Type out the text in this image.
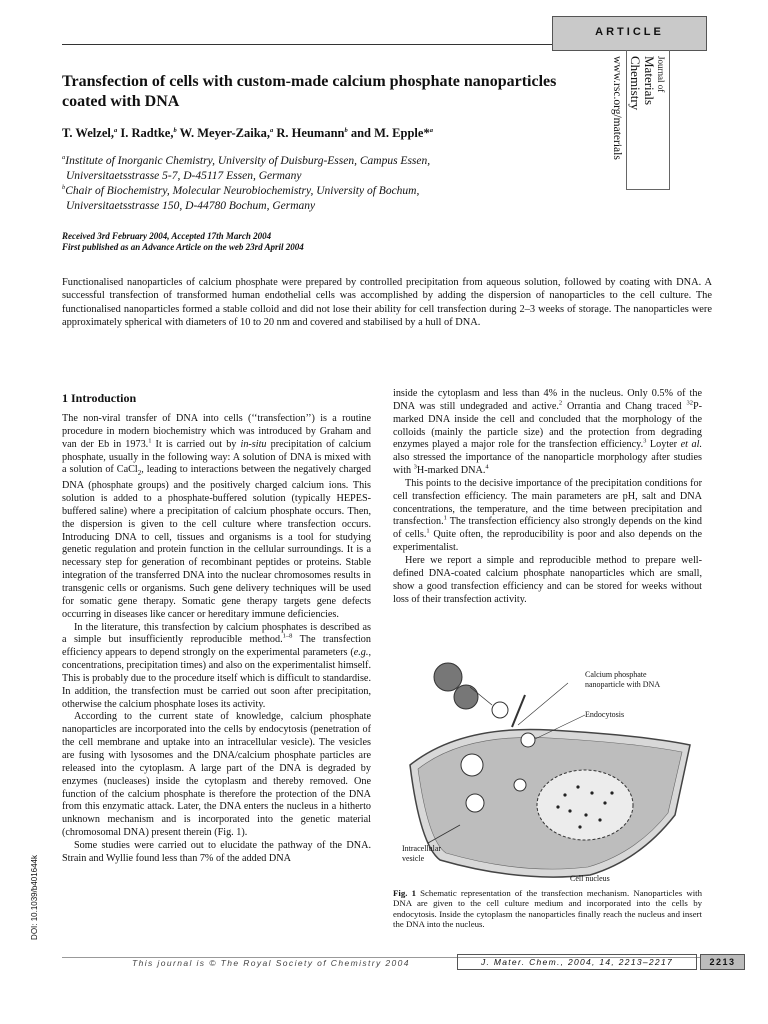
ARTICLE
Journal of
Materials
Chemistry
www.rsc.org/materials
Transfection of cells with custom-made calcium phosphate nanoparticles coated with DNA
T. Welzel,$^a$ I. Radtke,$^b$ W. Meyer-Zaika,$^a$ R. Heumann$^b$ and M. Epple*$^a$
$^a$Institute of Inorganic Chemistry, University of Duisburg-Essen, Campus Essen,
Universitaetsstrasse 5-7, D-45117 Essen, Germany
$^b$Chair of Biochemistry, Molecular Neurobiochemistry, University of Bochum,
Universitaetsstrasse 150, D-44780 Bochum, Germany
Received 3rd February 2004, Accepted 17th March 2004
First published as an Advance Article on the web 23rd April 2004
Functionalised nanoparticles of calcium phosphate were prepared by controlled precipitation from aqueous solution, followed by coating with DNA. A successful transfection of transformed human endothelial cells was accomplished by adding the dispersion of nanoparticles to the cell culture. The functionalised nanoparticles formed a stable colloid and did not lose their ability for cell transfection during 2–3 weeks of storage. The nanoparticles were approximately spherical with diameters of 10 to 20 nm and covered and stabilised by a hull of DNA.
1 Introduction

The non-viral transfer of DNA into cells (‘‘transfection’’) is a routine procedure in modern biochemistry which was introduced by Graham and van der Eb in 1973.$^1$ It is carried out by in-situ precipitation of calcium phosphate, usually in the following way: A solution of DNA is mixed with a solution of CaCl$_2$, leading to interactions between the negatively charged DNA (phosphate groups) and the positively charged calcium ions. This solution is added to a phosphate-buffered solution (typically HEPES-buffered saline) where a precipitation of calcium phosphate occurs. Then, the dispersion is given to the cell culture where transfection occurs. Introducing DNA to cell, tissues and organisms is a tool for studying genetic regulation and protein function in the cellular surroundings. It is a necessary step for generation of recombinant peptides or proteins. Stable integration of the transferred DNA into the nuclear chromosomes results in transgenic cells or organisms. Such gene delivery techniques will be used for somatic gene therapy. Somatic gene therapy targets gene defects occurring in diseases like cancer or hereditary immune deficiencies.

In the literature, this transfection by calcium phosphates is described as a simple but insufficiently reproducible method.$^{1-8}$ The transfection efficiency appears to depend strongly on the experimental parameters (e.g., concentrations, precipitation times) and also on the experimentalist himself. This is probably due to the procedure itself which is difficult to standardise. In addition, the transfection must be carried out soon after precipitation, otherwise the calcium phosphate loses its activity.

According to the current state of knowledge, calcium phosphate nanoparticles are incorporated into the cells by endocytosis (penetration of the cell membrane and uptake into an intracellular vesicle). The vesicles are fusing with lysosomes and the DNA/calcium phosphate particles are released into the cytoplasm. A large part of the DNA is degraded by enzymes (nucleases) inside the cytoplasm and thereby removed. One function of the calcium phosphate is therefore the protection of the DNA from this enzymatic attack. Later, the DNA enters the nucleus in a hitherto unknown mechanism and is incorporated into the genetic material (chromosomal DNA) present therein (Fig. 1).

Some studies were carried out to elucidate the pathway of the DNA. Strain and Wyllie found less than 7% of the added DNA

inside the cytoplasm and less than 4% in the nucleus. Only 0.5% of the DNA was still undegraded and active.$^2$ Orrantia and Chang traced $^{32}$P-marked DNA inside the cell and concluded that the morphology of the colloids (mainly the particle size) and the protection from degrading enzymes played a major role for the transfection efficiency.$^3$ Loyter et al. also stressed the importance of the nanoparticle morphology after studies with $^3$H-marked DNA.$^4$

This points to the decisive importance of the precipitation conditions for cell transfection efficiency. The main parameters are pH, salt and DNA concentrations, the temperature, and the time between precipitation and transfection.$^1$ The transfection efficiency also strongly depends on the kind of cells.$^1$ Quite often, the reproducibility is poor and also depends on the experimentalist.

Here we report a simple and reproducible method to prepare well-defined DNA-coated calcium phosphate nanoparticles which are small, show a good transfection efficiency and can be stored for weeks without loss of their transfection activity.

Calcium phosphate
nanoparticle with DNA
Endocytosis
Intracellular
vesicle
Cell nucleus
Fig. 1 Schematic representation of the transfection mechanism. Nanoparticles with DNA are given to the cell culture medium and incorporated into the cells by endocytosis. Inside the cytoplasm the nanoparticles finally reach the nucleus and insert the DNA into the nucleus.
DOI: 10.1039/b401644k
This journal is © The Royal Society of Chemistry 2004	J. Mater. Chem., 2004, 14, 2213–2217	2213
